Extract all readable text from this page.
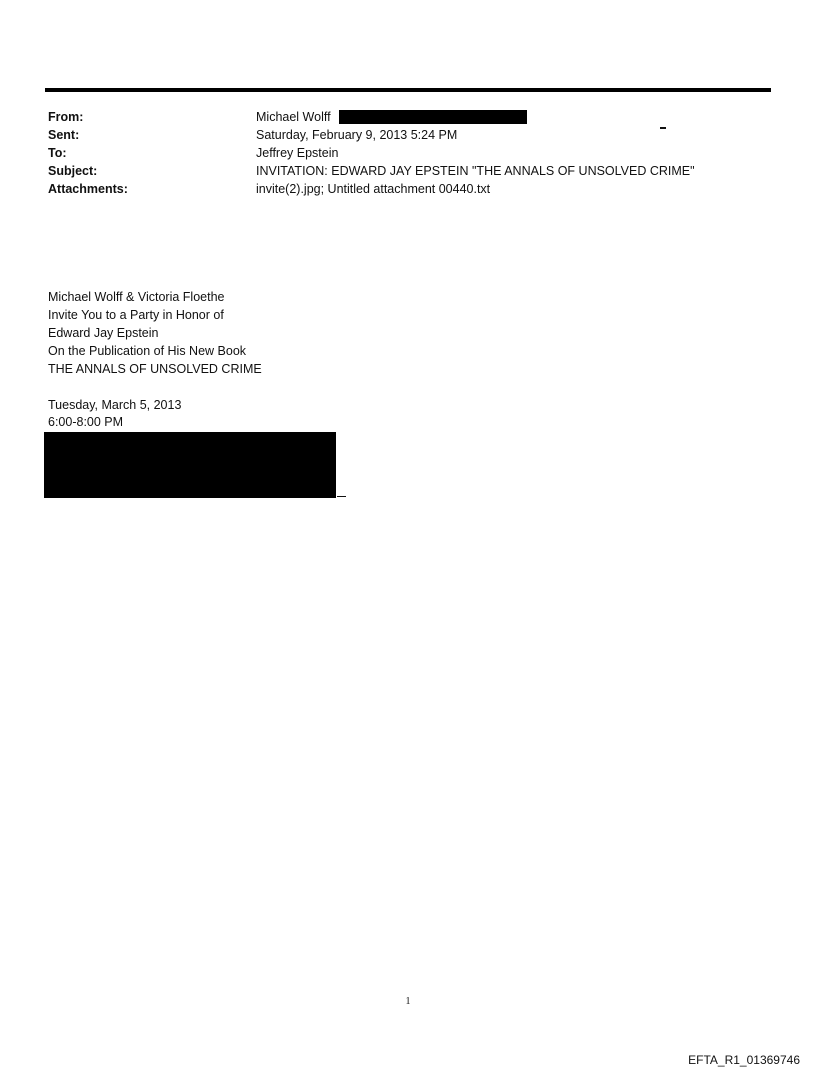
From:	Michael Wolff
Sent:	Saturday, February 9, 2013 5:24 PM
To:	Jeffrey Epstein
Subject:	INVITATION: EDWARD JAY EPSTEIN "THE ANNALS OF UNSOLVED CRIME"
Attachments:	invite(2).jpg; Untitled attachment 00440.txt
Michael Wolff & Victoria Floethe
Invite You to a Party in Honor of
Edward Jay Epstein
On the Publication of His New Book
THE ANNALS OF UNSOLVED CRIME
Tuesday, March 5, 2013
6:00-8:00 PM
1
EFTA_R1_01369746
